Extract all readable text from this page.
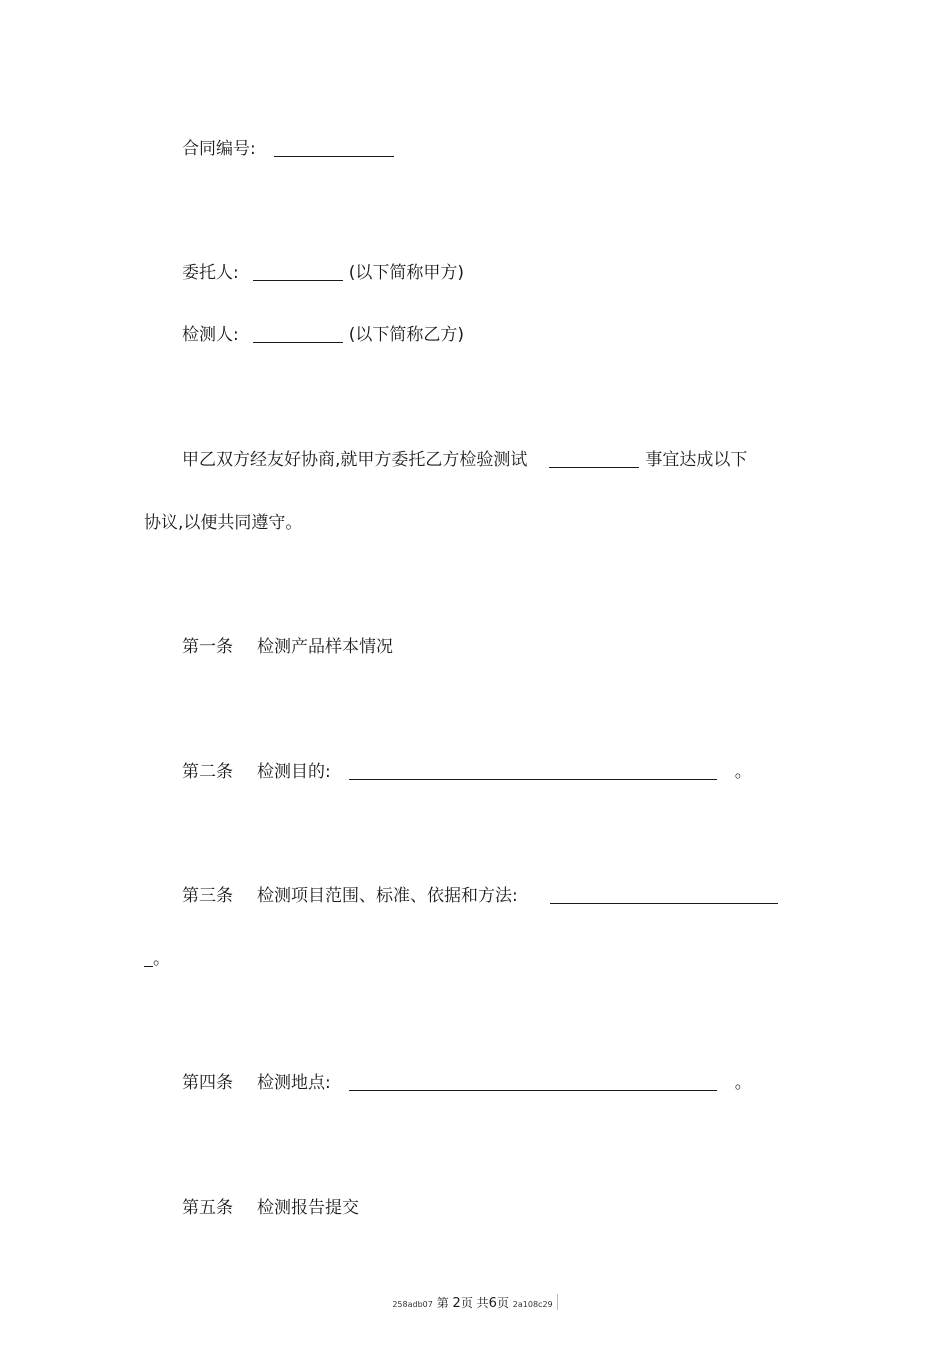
合同编号:
委托人:	(以下简称甲方)
检测人:	(以下简称乙方)
甲乙双方经友好协商,就甲方委托乙方检验测试	事宜达成以下
协议,以便共同遵守。
第一条 检测产品样本情况
第二条 检测目的:	。
第三条 检测项目范围、标准、依据和方法:
。
第四条 检测地点:	。
第五条 检测报告提交
258adb07 第 2页 共6页 2a108c29
